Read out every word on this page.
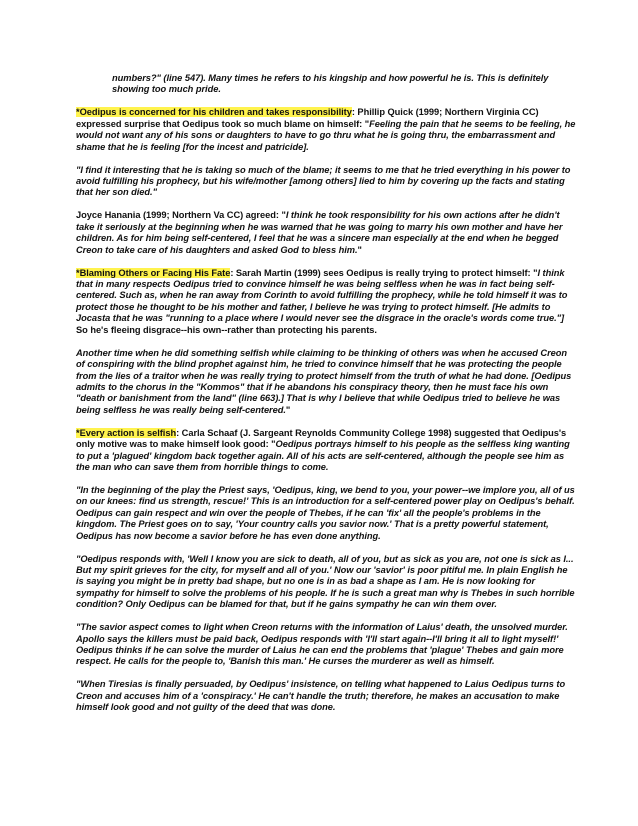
numbers?" (line 547). Many times he refers to his kingship and how powerful he is. This is definitely showing too much pride.

*Oedipus is concerned for his children and takes responsibility: Phillip Quick (1999; Northern Virginia CC) expressed surprise that Oedipus took so much blame on himself: "Feeling the pain that he seems to be feeling, he would not want any of his sons or daughters to have to go thru what he is going thru, the embarrassment and shame that he is feeling [for the incest and patricide].

"I find it interesting that he is taking so much of the blame; it seems to me that he tried everything in his power to avoid fulfilling his prophecy, but his wife/mother [among others] lied to him by covering up the facts and stating that her son died."

Joyce Hanania (1999; Northern Va CC) agreed: "I think he took responsibility for his own actions after he didn't take it seriously at the beginning when he was warned that he was going to marry his own mother and have her children. As for him being self-centered, I feel that he was a sincere man especially at the end when he begged Creon to take care of his daughters and asked God to bless him."

*Blaming Others or Facing His Fate: Sarah Martin (1999) sees Oedipus is really trying to protect himself: "I think that in many respects Oedipus tried to convince himself he was being selfless when he was in fact being self-centered. Such as, when he ran away from Corinth to avoid fulfilling the prophecy, while he told himself it was to protect those he thought to be his mother and father, I believe he was trying to protect himself. [He admits to Jocasta that he was "running to a place where I would never see the disgrace in the oracle's words come true."] So he's fleeing disgrace--his own--rather than protecting his parents.

Another time when he did something selfish while claiming to be thinking of others was when he accused Creon of conspiring with the blind prophet against him, he tried to convince himself that he was protecting the people from the lies of a traitor when he was really trying to protect himself from the truth of what he had done. [Oedipus admits to the chorus in the "Kommos" that if he abandons his conspiracy theory, then he must face his own "death or banishment from the land" (line 663).] That is why I believe that while Oedipus tried to believe he was being selfless he was really being self-centered."

*Every action is selfish: Carla Schaaf (J. Sargeant Reynolds Community College 1998) suggested that Oedipus's only motive was to make himself look good: "Oedipus portrays himself to his people as the selfless king wanting to put a 'plagued' kingdom back together again. All of his acts are self-centered, although the people see him as the man who can save them from horrible things to come.

"In the beginning of the play the Priest says, 'Oedipus, king, we bend to you, your power--we implore you, all of us on our knees: find us strength, rescue!' This is an introduction for a self-centered power play on Oedipus's behalf. Oedipus can gain respect and win over the people of Thebes, if he can 'fix' all the people's problems in the kingdom. The Priest goes on to say, 'Your country calls you savior now.' That is a pretty powerful statement, Oedipus has now become a savior before he has even done anything.

"Oedipus responds with, 'Well I know you are sick to death, all of you, but as sick as you are, not one is sick as I... But my spirit grieves for the city, for myself and all of you.' Now our 'savior' is poor pitiful me. In plain English he is saying you might be in pretty bad shape, but no one is in as bad a shape as I am. He is now looking for sympathy for himself to solve the problems of his people. If he is such a great man why is Thebes in such horrible condition? Only Oedipus can be blamed for that, but if he gains sympathy he can win them over.

"The savior aspect comes to light when Creon returns with the information of Laius' death, the unsolved murder. Apollo says the killers must be paid back, Oedipus responds with 'I'll start again--I'll bring it all to light myself!' Oedipus thinks if he can solve the murder of Laius he can end the problems that 'plague' Thebes and gain more respect. He calls for the people to, 'Banish this man.' He curses the murderer as well as himself.

"When Tiresias is finally persuaded, by Oedipus' insistence, on telling what happened to Laius Oedipus turns to Creon and accuses him of a 'conspiracy.' He can't handle the truth; therefore, he makes an accusation to make himself look good and not guilty of the deed that was done.
